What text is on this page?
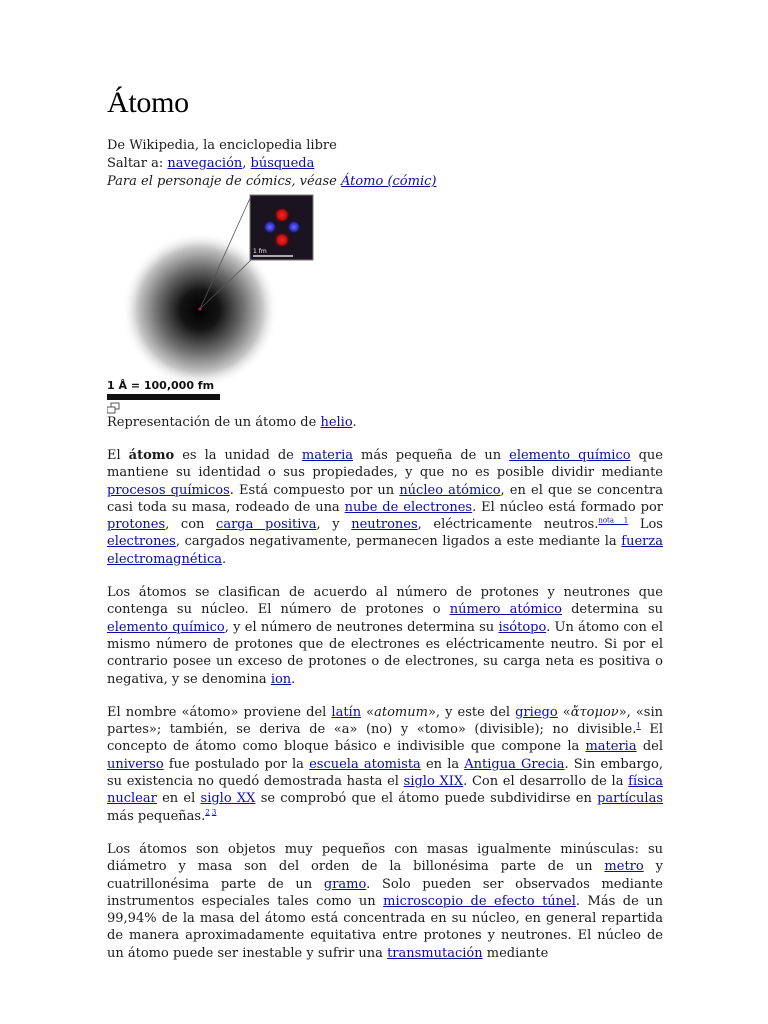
Átomo
De Wikipedia, la enciclopedia libre
Saltar a: navegación, búsqueda
Para el personaje de cómics, véase Átomo (cómic)
1 fm
1 Å = 100,000 fm
Representación de un átomo de helio.

El átomo es la unidad de materia más pequeña de un elemento químico que mantiene su identidad o sus propiedades, y que no es posible dividir mediante procesos químicos. Está compuesto por un núcleo atómico, en el que se concentra casi toda su masa, rodeado de una nube de electrones. El núcleo está formado por protones, con carga positiva, y neutrones, eléctricamente neutros.$^{nota 1}$ Los electrones, cargados negativamente, permanecen ligados a este mediante la fuerza electromagnética.

Los átomos se clasifican de acuerdo al número de protones y neutrones que contenga su núcleo. El número de protones o número atómico determina su elemento químico, y el número de neutrones determina su isótopo. Un átomo con el mismo número de protones que de electrones es eléctricamente neutro. Si por el contrario posee un exceso de protones o de electrones, su carga neta es positiva o negativa, y se denomina ion.

El nombre «átomo» proviene del latín «atomum», y este del griego «ἄτομον», «sin partes»; también, se deriva de «a» (no) y «tomo» (divisible); no divisible.$^1$ El concepto de átomo como bloque básico e indivisible que compone la materia del universo fue postulado por la escuela atomista en la Antigua Grecia. Sin embargo, su existencia no quedó demostrada hasta el siglo XIX. Con el desarrollo de la física nuclear en el siglo XX se comprobó que el átomo puede subdividirse en partículas más pequeñas.$^2$ $^3$

Los átomos son objetos muy pequeños con masas igualmente minúsculas: su diámetro y masa son del orden de la billonésima parte de un metro y cuatrillonésima parte de un gramo. Solo pueden ser observados mediante instrumentos especiales tales como un microscopio de efecto túnel. Más de un 99,94% de la masa del átomo está concentrada en su núcleo, en general repartida de manera aproximadamente equitativa entre protones y neutrones. El núcleo de un átomo puede ser inestable y sufrir una transmutación mediante
